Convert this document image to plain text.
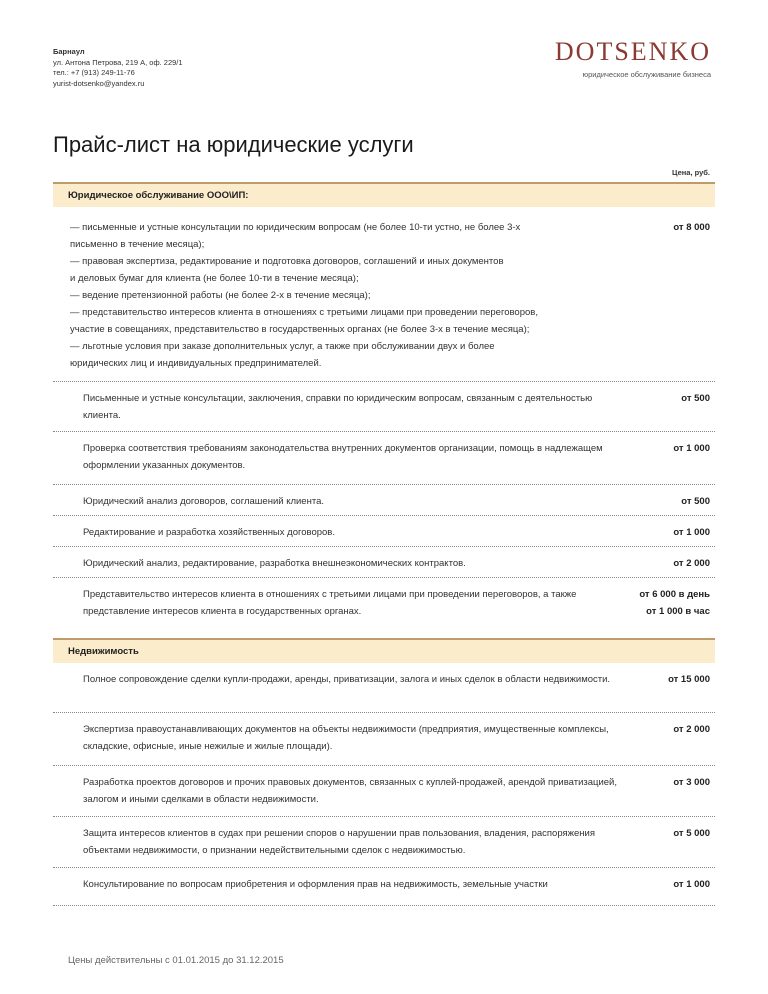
Барнаул
ул. Антона Петрова, 219 А, оф. 229/1
тел.: +7 (913) 249-11-76
yurist-dotsenko@yandex.ru
DOTSENKO
юридическое обслуживание бизнеса
Прайс-лист на юридические услуги
Цена, руб.
Юридическое обслуживание ООО\ИП:
— письменные и устные консультации по юридическим вопросам (не более 10-ти устно, не более 3-х
письменно в течение месяца);
— правовая экспертиза, редактирование и подготовка договоров, соглашений и иных документов
и деловых бумаг для клиента (не более 10-ти в течение месяца);
— ведение претензионной работы (не более 2-х в течение месяца);
— представительство интересов клиента в отношениях с третьими лицами при проведении переговоров,
участие в совещаниях, представительство в государственных органах (не более 3-х в течение месяца);
— льготные условия при заказе дополнительных услуг, а также при обслуживании двух и более
юридических лиц и индивидуальных предпринимателей.
от 8 000
Письменные и устные консультации, заключения, справки по юридическим вопросам, связанным с деятельностью клиента.
от 500
Проверка соответствия требованиям законодательства внутренних документов организации, помощь в надлежащем оформлении указанных документов.
от 1 000
Юридический анализ договоров, соглашений клиента.	от 500
Редактирование и разработка хозяйственных договоров.	от 1 000
Юридический анализ, редактирование, разработка внешнеэкономических контрактов.	от 2 000
Представительство интересов клиента в отношениях с третьими лицами при проведении переговоров, а также представление интересов клиента в государственных органах.
от 6 000 в день
от 1 000 в час
Недвижимость
Полное сопровождение сделки купли-продажи, аренды, приватизации, залога и иных сделок в области недвижимости.	от 15 000
Экспертиза правоустанавливающих документов на объекты недвижимости (предприятия, имущественные комплексы, складские, офисные, иные нежилые и жилые площади).
от 2 000
Разработка проектов договоров и прочих правовых документов, связанных с куплей-продажей, арендой приватизацией, залогом и иными сделками в области недвижимости.
от 3 000
Защита интересов клиентов в судах при решении споров о нарушении прав пользования, владения, распоряжения объектами недвижимости, о признании недействительными сделок с недвижимостью.
от 5 000
Консультирование по вопросам приобретения и оформления прав на недвижимость, земельные участки	от 1 000
Цены действительны с 01.01.2015 до 31.12.2015
